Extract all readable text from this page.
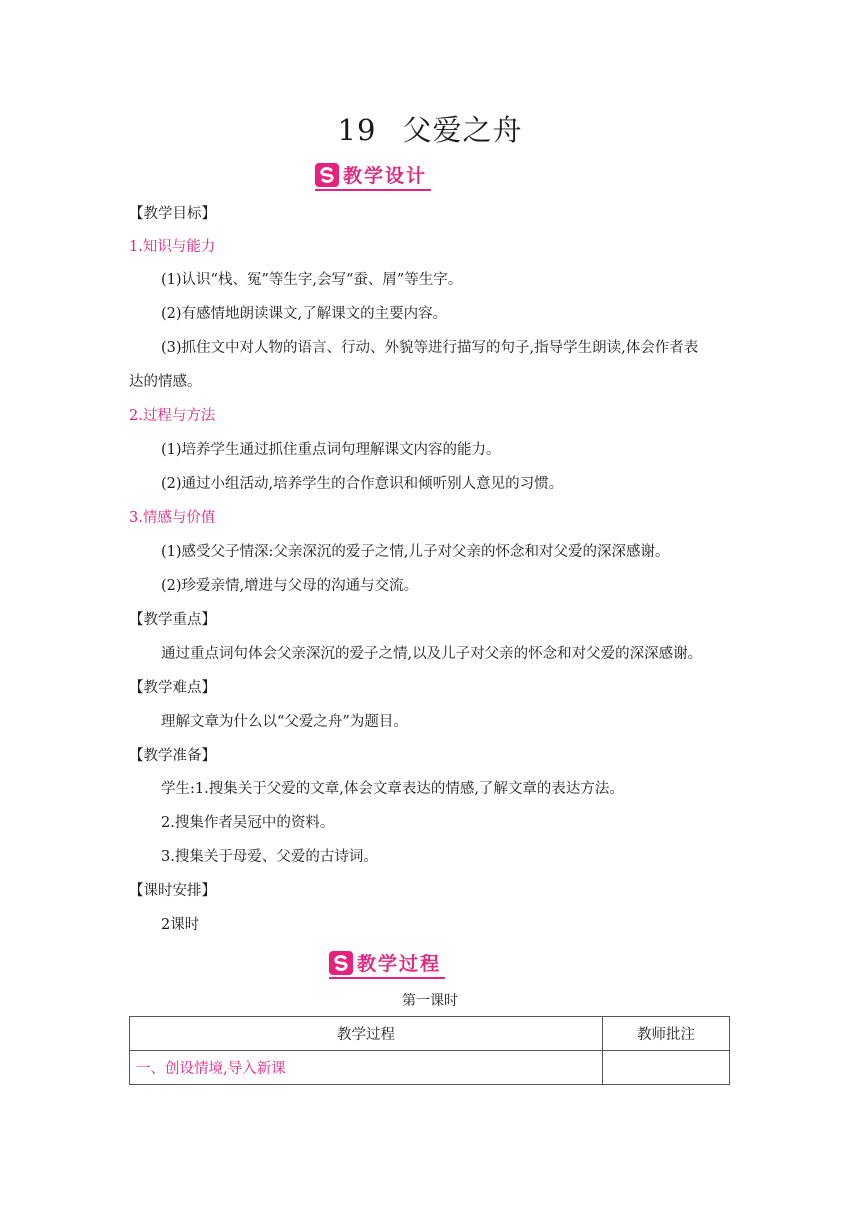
19 父爱之舟
教学设计
【教学目标】
1.知识与能力
(1)认识“栈、冤”等生字,会写“蚕、屑”等生字。
(2)有感情地朗读课文,了解课文的主要内容。
(3)抓住文中对人物的语言、行动、外貌等进行描写的句子,指导学生朗读,体会作者表
达的情感。
2.过程与方法
(1)培养学生通过抓住重点词句理解课文内容的能力。
(2)通过小组活动,培养学生的合作意识和倾听别人意见的习惯。
3.情感与价值
(1)感受父子情深:父亲深沉的爱子之情,儿子对父亲的怀念和对父爱的深深感谢。
(2)珍爱亲情,增进与父母的沟通与交流。
【教学重点】
通过重点词句体会父亲深沉的爱子之情,以及儿子对父亲的怀念和对父爱的深深感谢。
【教学难点】
理解文章为什么以“父爱之舟”为题目。
【教学准备】
学生:1.搜集关于父爱的文章,体会文章表达的情感,了解文章的表达方法。
2.搜集作者吴冠中的资料。
3.搜集关于母爱、父爱的古诗词。
【课时安排】
2课时
教学过程
第一课时
教学过程	教师批注
一、创设情境,导入新课	
